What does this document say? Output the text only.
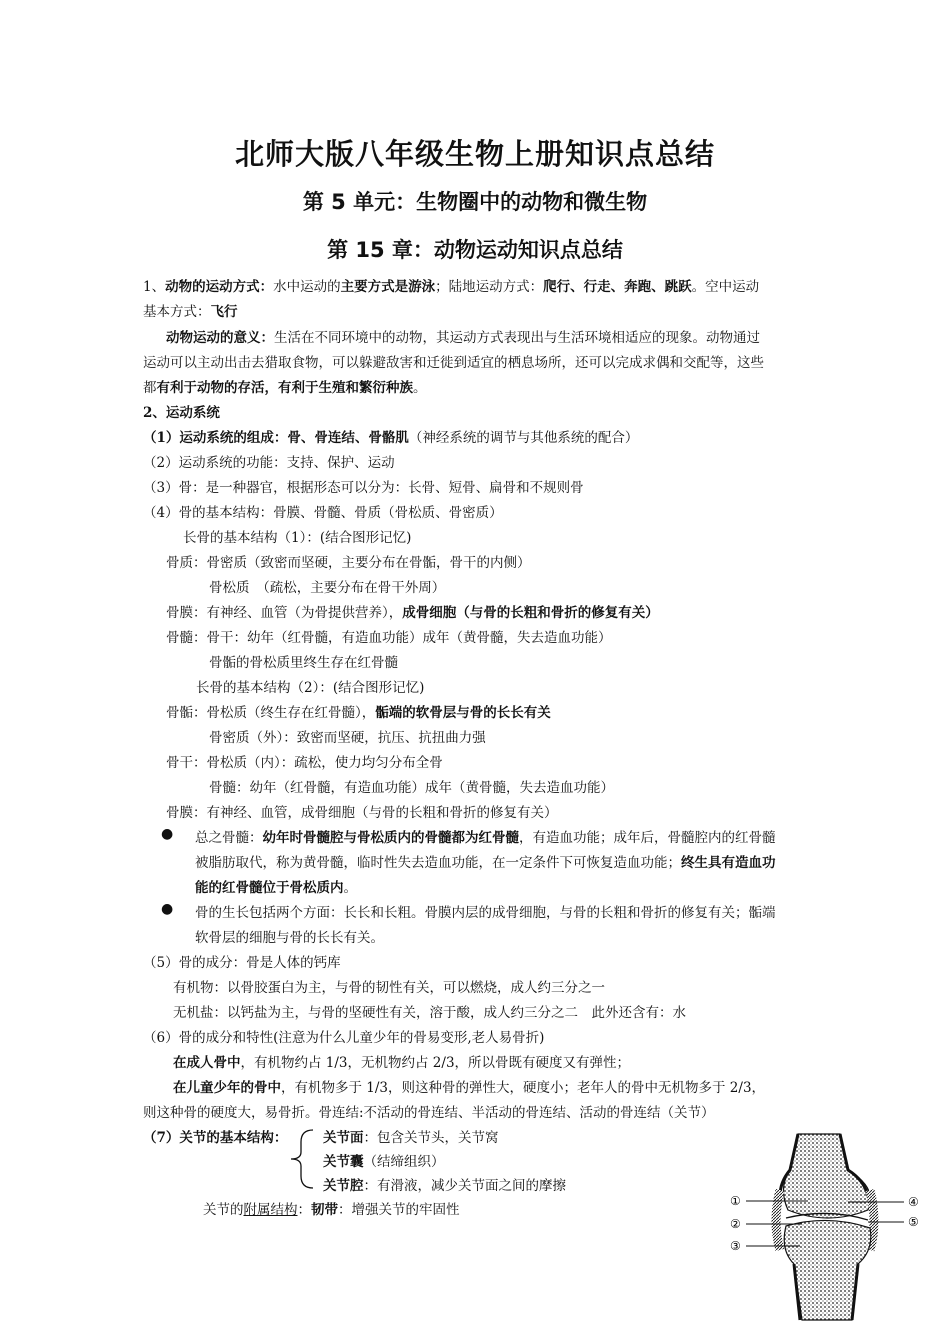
北师大版八年级生物上册知识点总结
第 5 单元：生物圈中的动物和微生物
第 15 章：动物运动知识点总结
1、动物的运动方式：水中运动的主要方式是游泳；陆地运动方式：爬行、行走、奔跑、跳跃。空中运动
基本方式：飞行
动物运动的意义：生活在不同环境中的动物，其运动方式表现出与生活环境相适应的现象。动物通过
运动可以主动出击去猎取食物，可以躲避敌害和迁徙到适宜的栖息场所，还可以完成求偶和交配等，这些
都有利于动物的存活，有利于生殖和繁衍种族。
2、运动系统
（1）运动系统的组成：骨、骨连结、骨骼肌（神经系统的调节与其他系统的配合）
（2）运动系统的功能：支持、保护、运动
（3）骨：是一种器官，根据形态可以分为：长骨、短骨、扁骨和不规则骨
（4）骨的基本结构：骨膜、骨髓、骨质（骨松质、骨密质）
长骨的基本结构（1）：(结合图形记忆)
骨质：骨密质（致密而坚硬，主要分布在骨骺，骨干的内侧）
骨松质　（疏松，主要分布在骨干外周）
骨膜：有神经、血管（为骨提供营养），成骨细胞（与骨的长粗和骨折的修复有关）
骨髓：骨干：幼年（红骨髓，有造血功能）成年（黄骨髓，失去造血功能）
骨骺的骨松质里终生存在红骨髓
长骨的基本结构（2）：(结合图形记忆)
骨骺：骨松质（终生存在红骨髓），骺端的软骨层与骨的长长有关
骨密质（外）：致密而坚硬，抗压、抗扭曲力强
骨干：骨松质（内）：疏松，使力均匀分布全骨
骨髓：幼年（红骨髓，有造血功能）成年（黄骨髓，失去造血功能）
骨膜：有神经、血管，成骨细胞（与骨的长粗和骨折的修复有关）
● 总之骨髓：幼年时骨髓腔与骨松质内的骨髓都为红骨髓，有造血功能；成年后，骨髓腔内的红骨髓
被脂肪取代，称为黄骨髓，临时性失去造血功能，在一定条件下可恢复造血功能；终生具有造血功
能的红骨髓位于骨松质内。
● 骨的生长包括两个方面：长长和长粗。骨膜内层的成骨细胞，与骨的长粗和骨折的修复有关；骺端
软骨层的细胞与骨的长长有关。
（5）骨的成分：骨是人体的钙库
有机物：以骨胶蛋白为主，与骨的韧性有关，可以燃烧，成人约三分之一
无机盐：以钙盐为主，与骨的坚硬性有关，溶于酸，成人约三分之二　此外还含有：水
（6）骨的成分和特性(注意为什么儿童少年的骨易变形,老人易骨折)
在成人骨中，有机物约占 1/3，无机物约占 2/3，所以骨既有硬度又有弹性；
在儿童少年的骨中，有机物多于 1/3，则这种骨的弹性大，硬度小；老年人的骨中无机物多于 2/3，
则这种骨的硬度大，易骨折。骨连结:不活动的骨连结、半活动的骨连结、活动的骨连结（关节）
（7）关节的基本结构：	关节面：包含关节头，关节窝
关节囊（结缔组织）
关节腔：有滑液，减少关节面之间的摩擦
关节的附属结构：韧带：增强关节的牢固性
①
②
③
④
⑤
